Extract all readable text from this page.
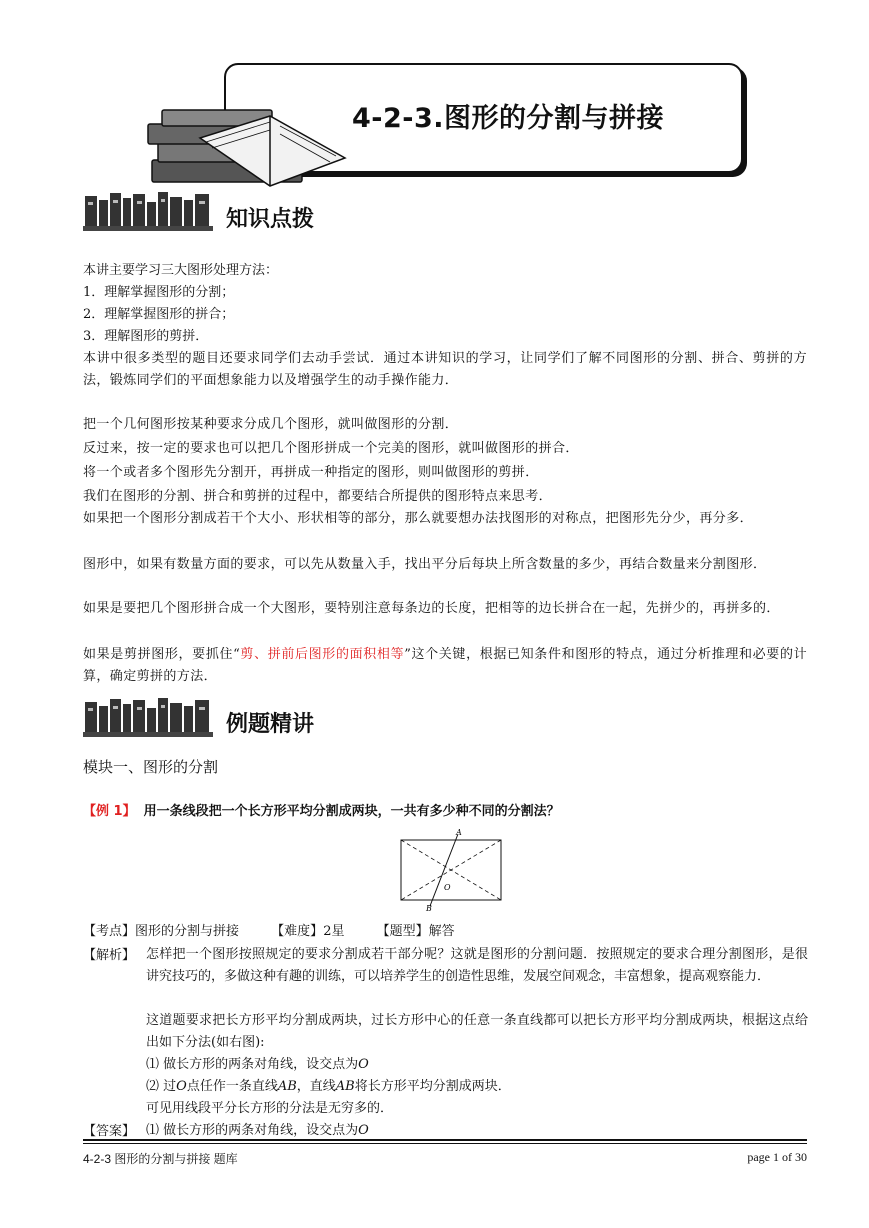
4-2-3.图形的分割与拼接
知识点拨
本讲主要学习三大图形处理方法：
1．理解掌握图形的分割；
2．理解掌握图形的拼合；
3．理解图形的剪拼．
本讲中很多类型的题目还要求同学们去动手尝试．通过本讲知识的学习，让同学们了解不同图形的分割、拼合、剪拼的方法，锻炼同学们的平面想象能力以及增强学生的动手操作能力．
把一个几何图形按某种要求分成几个图形，就叫做图形的分割．
反过来，按一定的要求也可以把几个图形拼成一个完美的图形，就叫做图形的拼合．
将一个或者多个图形先分割开，再拼成一种指定的图形，则叫做图形的剪拼．
我们在图形的分割、拼合和剪拼的过程中，都要结合所提供的图形特点来思考．
如果把一个图形分割成若干个大小、形状相等的部分，那么就要想办法找图形的对称点，把图形先分少，再分多．
图形中，如果有数量方面的要求，可以先从数量入手，找出平分后每块上所含数量的多少，再结合数量来分割图形．
如果是要把几个图形拼合成一个大图形，要特别注意每条边的长度，把相等的边长拼合在一起，先拼少的，再拼多的．
如果是剪拼图形，要抓住“剪、拼前后图形的面积相等”这个关键，根据已知条件和图形的特点，通过分析推理和必要的计算，确定剪拼的方法．
例题精讲
模块一、图形的分割
【例 1】 用一条线段把一个长方形平均分割成两块，一共有多少种不同的分割法？
A
B
O
【考点】图形的分割与拼接 【难度】2星 【题型】解答
【解析】 怎样把一个图形按照规定的要求分割成若干部分呢？这就是图形的分割问题．按照规定的要求合理分割图形，是很讲究技巧的，多做这种有趣的训练，可以培养学生的创造性思维，发展空间观念，丰富想象，提高观察能力．
这道题要求把长方形平均分割成两块，过长方形中心的任意一条直线都可以把长方形平均分割成两块，根据这点给出如下分法(如右图):
⑴ 做长方形的两条对角线，设交点为O
⑵ 过O点任作一条直线AB，直线AB将长方形平均分割成两块．
可见用线段平分长方形的分法是无穷多的．
【答案】 ⑴ 做长方形的两条对角线，设交点为O
4-2-3 图形的分割与拼接 题库	page 1 of 30
